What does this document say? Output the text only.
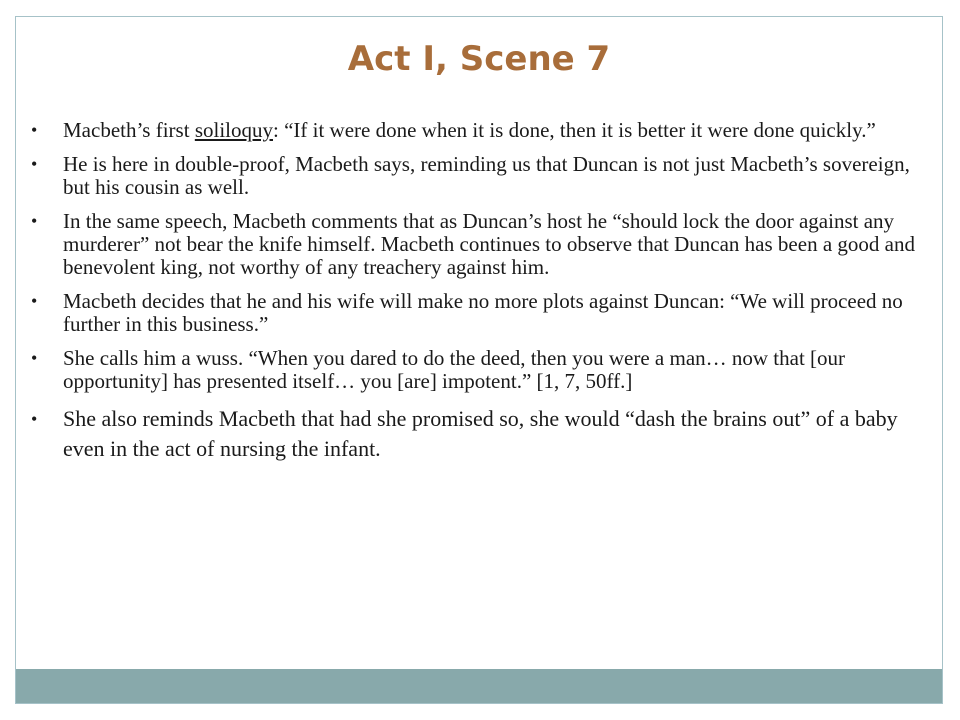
Act I, Scene 7
• Macbeth’s first soliloquy: “If it were done when it is done, then it is better it were done quickly.”
• He is here in double-proof, Macbeth says, reminding us that Duncan is not just Macbeth’s sovereign, but his cousin as well.
• In the same speech, Macbeth comments that as Duncan’s host he “should lock the door against any murderer” not bear the knife himself. Macbeth continues to observe that Duncan has been a good and benevolent king, not worthy of any treachery against him.
• Macbeth decides that he and his wife will make no more plots against Duncan: “We will proceed no further in this business.”
• She calls him a wuss. “When you dared to do the deed, then you were a man… now that [our opportunity] has presented itself… you [are] impotent.” [1, 7, 50ff.]
• She also reminds Macbeth that had she promised so, she would “dash the brains out” of a baby even in the act of nursing the infant.
